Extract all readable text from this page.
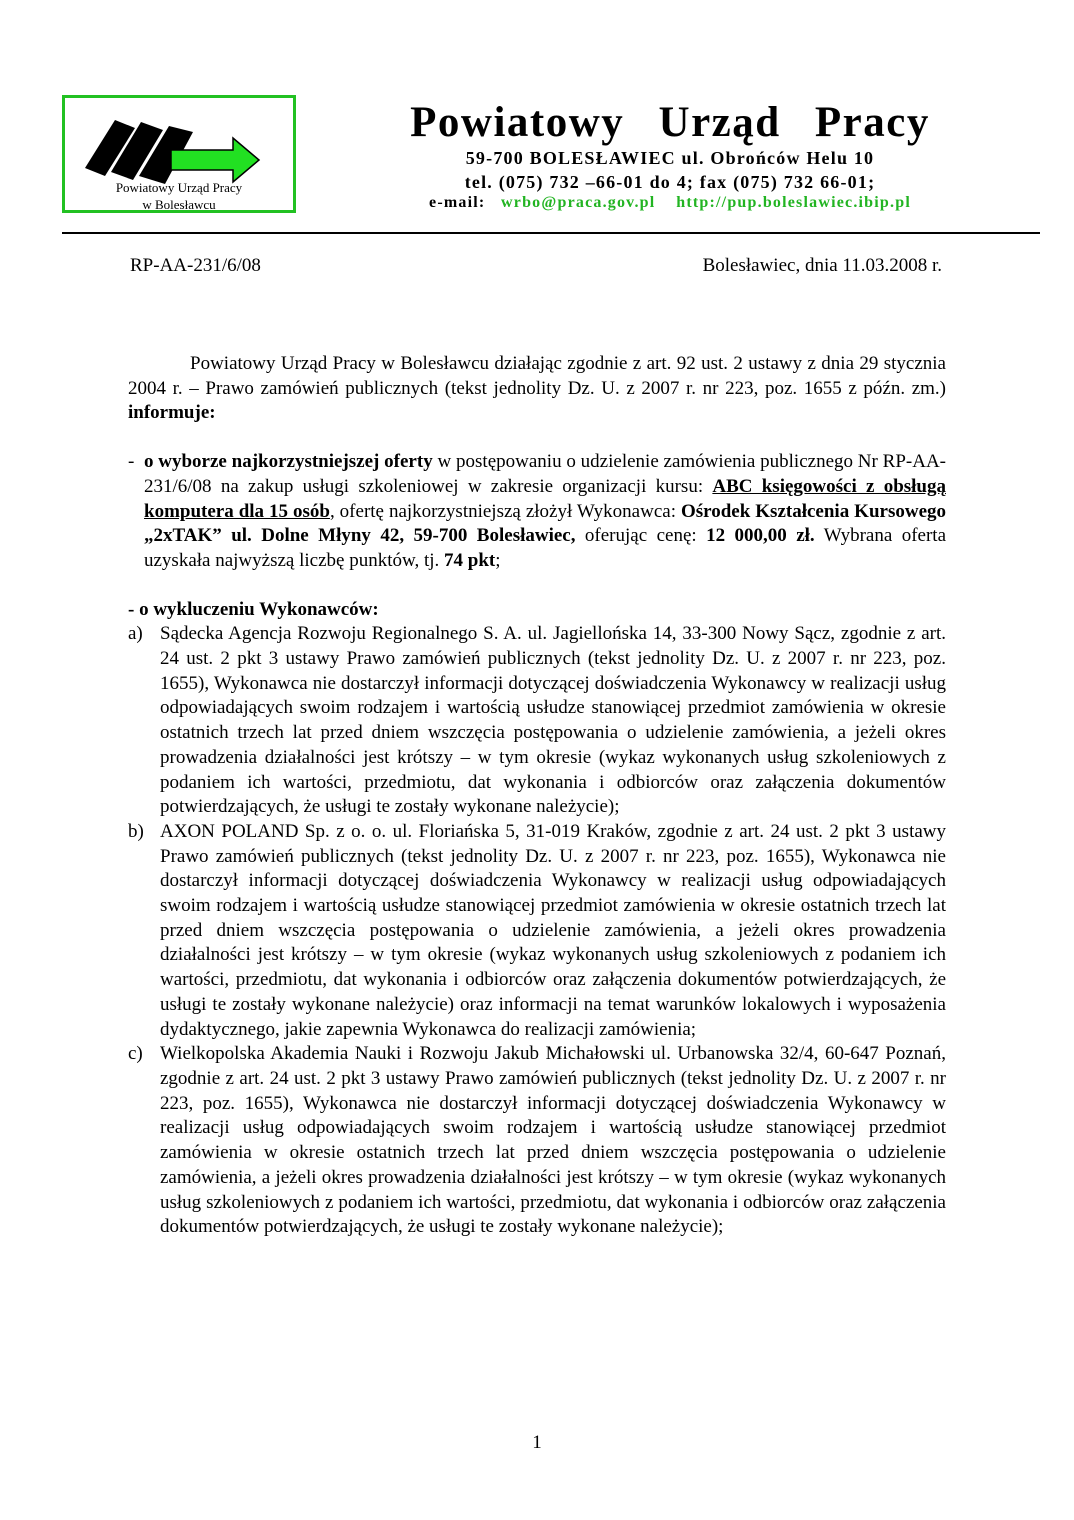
Powiatowy Urząd Pracy
w Bolesławcu
Powiatowy Urząd Pracy
59-700 BOLESŁAWIEC ul. Obrońców Helu 10
tel. (075) 732 –66-01 do 4; fax (075) 732 66-01;
e-mail: wrbo@praca.gov.pl http://pup.boleslawiec.ibip.pl
RP-AA-231/6/08	Bolesławiec, dnia 11.03.2008 r.

Powiatowy Urząd Pracy w Bolesławcu działając zgodnie z art. 92 ust. 2 ustawy z dnia 29 stycznia 2004 r. – Prawo zamówień publicznych (tekst jednolity Dz. U. z 2007 r. nr 223, poz. 1655 z późn. zm.) informuje:

- o wyborze najkorzystniejszej oferty w postępowaniu o udzielenie zamówienia publicznego Nr RP-AA-231/6/08 na zakup usługi szkoleniowej w zakresie organizacji kursu: ABC księgowości z obsługą komputera dla 15 osób, ofertę najkorzystniejszą złożył Wykonawca: Ośrodek Kształcenia Kursowego „2xTAK” ul. Dolne Młyny 42, 59-700 Bolesławiec, oferując cenę: 12 000,00 zł. Wybrana oferta uzyskała najwyższą liczbę punktów, tj. 74 pkt;

- o wykluczeniu Wykonawców:

a) Sądecka Agencja Rozwoju Regionalnego S. A. ul. Jagiellońska 14, 33-300 Nowy Sącz, zgodnie z art. 24 ust. 2 pkt 3 ustawy Prawo zamówień publicznych (tekst jednolity Dz. U. z 2007 r. nr 223, poz. 1655), Wykonawca nie dostarczył informacji dotyczącej doświadczenia Wykonawcy w realizacji usług odpowiadających swoim rodzajem i wartością usłudze stanowiącej przedmiot zamówienia w okresie ostatnich trzech lat przed dniem wszczęcia postępowania o udzielenie zamówienia, a jeżeli okres prowadzenia działalności jest krótszy – w tym okresie (wykaz wykonanych usług szkoleniowych z podaniem ich wartości, przedmiotu, dat wykonania i odbiorców oraz załączenia dokumentów potwierdzających, że usługi te zostały wykonane należycie);
b) AXON POLAND Sp. z o. o. ul. Floriańska 5, 31-019 Kraków, zgodnie z art. 24 ust. 2 pkt 3 ustawy Prawo zamówień publicznych (tekst jednolity Dz. U. z 2007 r. nr 223, poz. 1655), Wykonawca nie dostarczył informacji dotyczącej doświadczenia Wykonawcy w realizacji usług odpowiadających swoim rodzajem i wartością usłudze stanowiącej przedmiot zamówienia w okresie ostatnich trzech lat przed dniem wszczęcia postępowania o udzielenie zamówienia, a jeżeli okres prowadzenia działalności jest krótszy – w tym okresie (wykaz wykonanych usług szkoleniowych z podaniem ich wartości, przedmiotu, dat wykonania i odbiorców oraz załączenia dokumentów potwierdzających, że usługi te zostały wykonane należycie) oraz informacji na temat warunków lokalowych i wyposażenia dydaktycznego, jakie zapewnia Wykonawca do realizacji zamówienia;
c) Wielkopolska Akademia Nauki i Rozwoju Jakub Michałowski ul. Urbanowska 32/4, 60-647 Poznań, zgodnie z art. 24 ust. 2 pkt 3 ustawy Prawo zamówień publicznych (tekst jednolity Dz. U. z 2007 r. nr 223, poz. 1655), Wykonawca nie dostarczył informacji dotyczącej doświadczenia Wykonawcy w realizacji usług odpowiadających swoim rodzajem i wartością usłudze stanowiącej przedmiot zamówienia w okresie ostatnich trzech lat przed dniem wszczęcia postępowania o udzielenie zamówienia, a jeżeli okres prowadzenia działalności jest krótszy – w tym okresie (wykaz wykonanych usług szkoleniowych z podaniem ich wartości, przedmiotu, dat wykonania i odbiorców oraz załączenia dokumentów potwierdzających, że usługi te zostały wykonane należycie);
1
